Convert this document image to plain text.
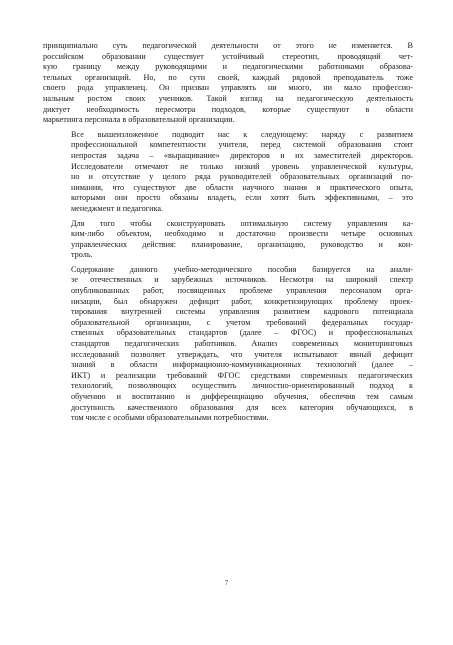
принципиально суть педагогической деятельности от этого не изменяется. В
российском образовании существует устойчивый стереотип, проводящий чет-
кую границу между руководящими и педагогическими работниками образова-
тельных организаций. Но, по сути своей, каждый рядовой преподаватель тоже
своего рода управленец. Он призван управлять ни много, ни мало профессио-
нальным ростом своих учеников. Такой взгляд на педагогическую деятельность
диктует необходимость пересмотра подходов, которые существуют в области
маркетинга персонала в образовательной организации.

Все вышеизложенное подводит нас к следующему: наряду с развитием
профессиональной компетентности учителя, перед системой образования стоит
непростая задача – «выращивание» директоров и их заместителей директоров.
Исследователи отмечают не только низкий уровень управленческой культуры,
но и отсутствие у целого ряда руководителей образовательных организаций по-
нимания, что существуют две области научного знания и практического опыта,
которыми они просто обязаны владеть, если хотят быть эффективными, – это
менеджмент и педагогика.

Для того чтобы сконструировать оптимальную систему управления ка-
ким-либо объектом, необходимо и достаточно произвести четыре основных
управленческих действия: планирование, организацию, руководство и кон-
троль.

Содержание данного учебно-методического пособия базируется на анали-
зе отечественных и зарубежных источников. Несмотря на широкий спектр
опубликованных работ, посвященных проблеме управления персоналом орга-
низации, был обнаружен дефицит работ, конкретизирующих проблему проек-
тирования внутренней системы управления развитием кадрового потенциала
образовательной организации, с учетом требований федеральных государ-
ственных образовательных стандартов (далее – ФГОС) и профессиональных
стандартов педагогических работников. Анализ современных мониторинговых
исследований позволяет утверждать, что учителя испытывают явный дефицит
знаний в области информационно-коммуникационных технологий (далее –
ИКТ) и реализации требований ФГОС средствами современных педагогических
технологий, позволяющих осуществить личностно-ориентированный подход к
обучению и воспитанию и дифференциацию обучения, обеспечив тем самым
доступность качественного образования для всех категория обучающихся, в
том числе с особыми образовательными потребностями.

7
